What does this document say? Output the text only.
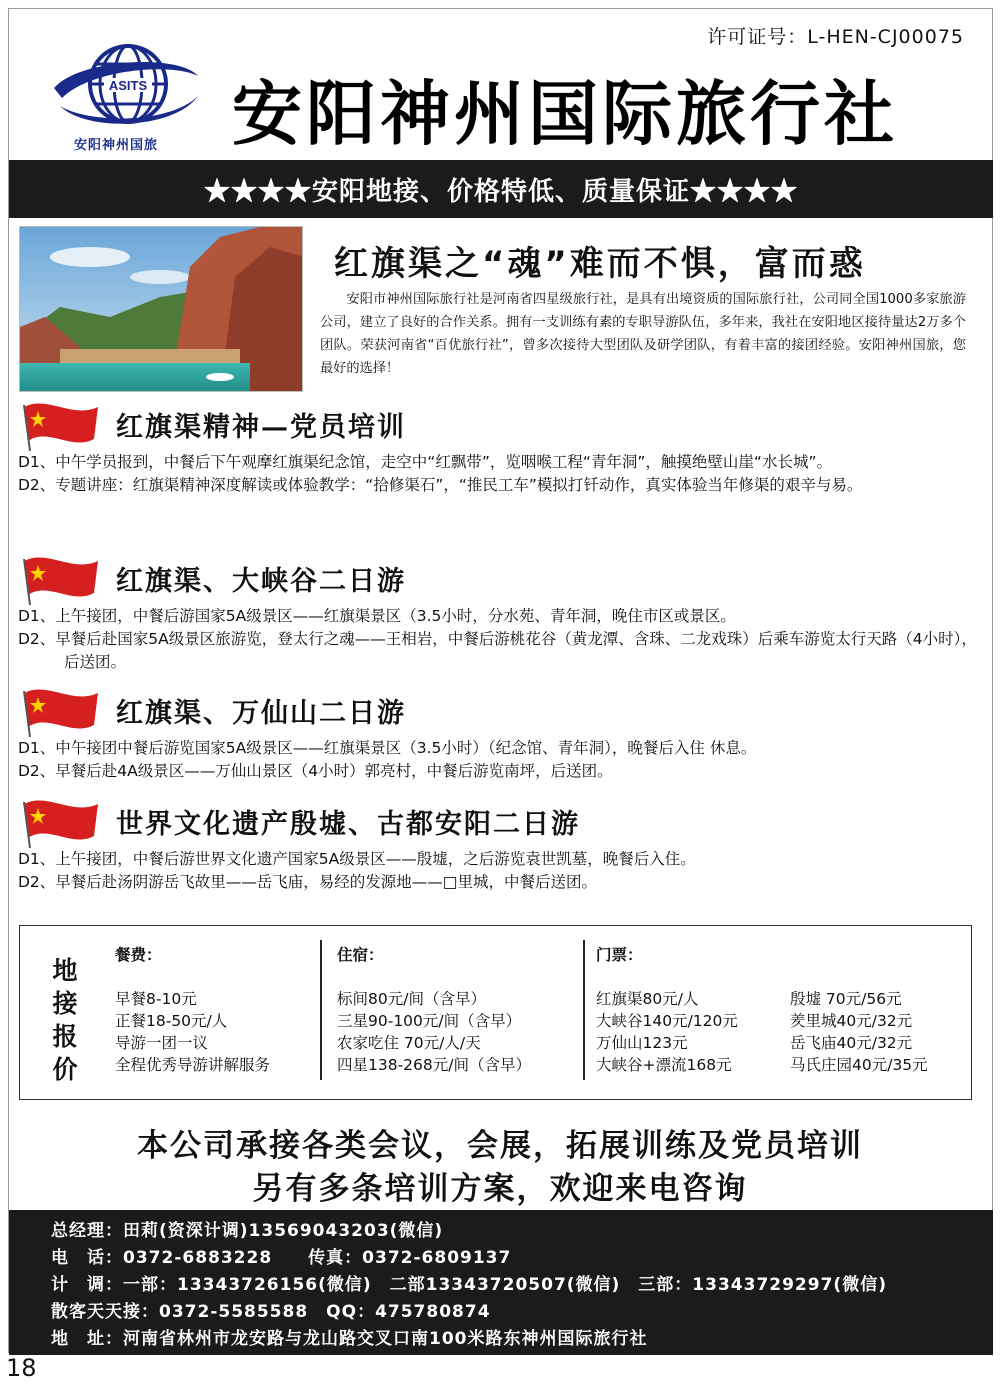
许可证号：L-HEN-CJ00075
ASITS
安阳神州国旅 安阳神州国际旅行社
★★★★安阳地接、价格特低、质量保证★★★★
红旗渠之“魂”难而不惧，富而惑
安阳市神州国际旅行社是河南省四星级旅行社，是具有出境资质的国际旅行社，公司同全国1000多家旅游公司，建立了良好的合作关系。拥有一支训练有素的专职导游队伍，多年来，我社在安阳地区接待量达2万多个团队。荣获河南省“百优旅行社”，曾多次接待大型团队及研学团队，有着丰富的接团经验。安阳神州国旅，您最好的选择！
红旗渠精神—党员培训
D1、中午学员报到，中餐后下午观摩红旗渠纪念馆，走空中“红飘带”，览咽喉工程“青年洞”，触摸绝壁山崖“水长城”。
D2、专题讲座：红旗渠精神深度解读或体验教学：“拾修渠石”，“推民工车”模拟打钎动作，真实体验当年修渠的艰辛与易。
红旗渠、大峡谷二日游
D1、上午接团，中餐后游国家5A级景区——红旗渠景区（3.5小时，分水苑、青年洞，晚住市区或景区。
D2、早餐后赴国家5A级景区旅游览，登太行之魂——王相岩，中餐后游桃花谷（黄龙潭、含珠、二龙戏珠）后乘车游览太行天路（4小时），后送团。
红旗渠、万仙山二日游
D1、中午接团中餐后游览国家5A级景区——红旗渠景区（3.5小时）（纪念馆、青年洞），晚餐后入住 休息。
D2、早餐后赴4A级景区——万仙山景区（4小时）郭亮村，中餐后游览南坪，后送团。
世界文化遗产殷墟、古都安阳二日游
D1、上午接团，中餐后游世界文化遗产国家5A级景区——殷墟，之后游览袁世凯墓，晚餐后入住。
D2、早餐后赴汤阴游岳飞故里——岳飞庙，易经的发源地——□里城，中餐后送团。
地
接
报
价
餐费：
早餐8-10元
正餐18-50元/人
导游一团一议
全程优秀导游讲解服务
住宿：
标间80元/间（含早）
三星90-100元/间（含早）
农家吃住 70元/人/天
四星138-268元/间（含早）
门票：
红旗渠80元/人
大峡谷140元/120元
万仙山123元
大峡谷+漂流168元
殷墟 70元/56元
羑里城40元/32元
岳飞庙40元/32元
马氏庄园40元/35元
本公司承接各类会议，会展，拓展训练及党员培训
另有多条培训方案，欢迎来电咨询
总经理：田莉(资深计调)13569043203(微信)
电　话：0372-6883228　　传真：0372-6809137
计　调：一部：13343726156(微信)　二部13343720507(微信)　三部：13343729297(微信)
散客天天接：0372-5585588　QQ：475780874
地　址：河南省林州市龙安路与龙山路交叉口南100米路东神州国际旅行社
18
